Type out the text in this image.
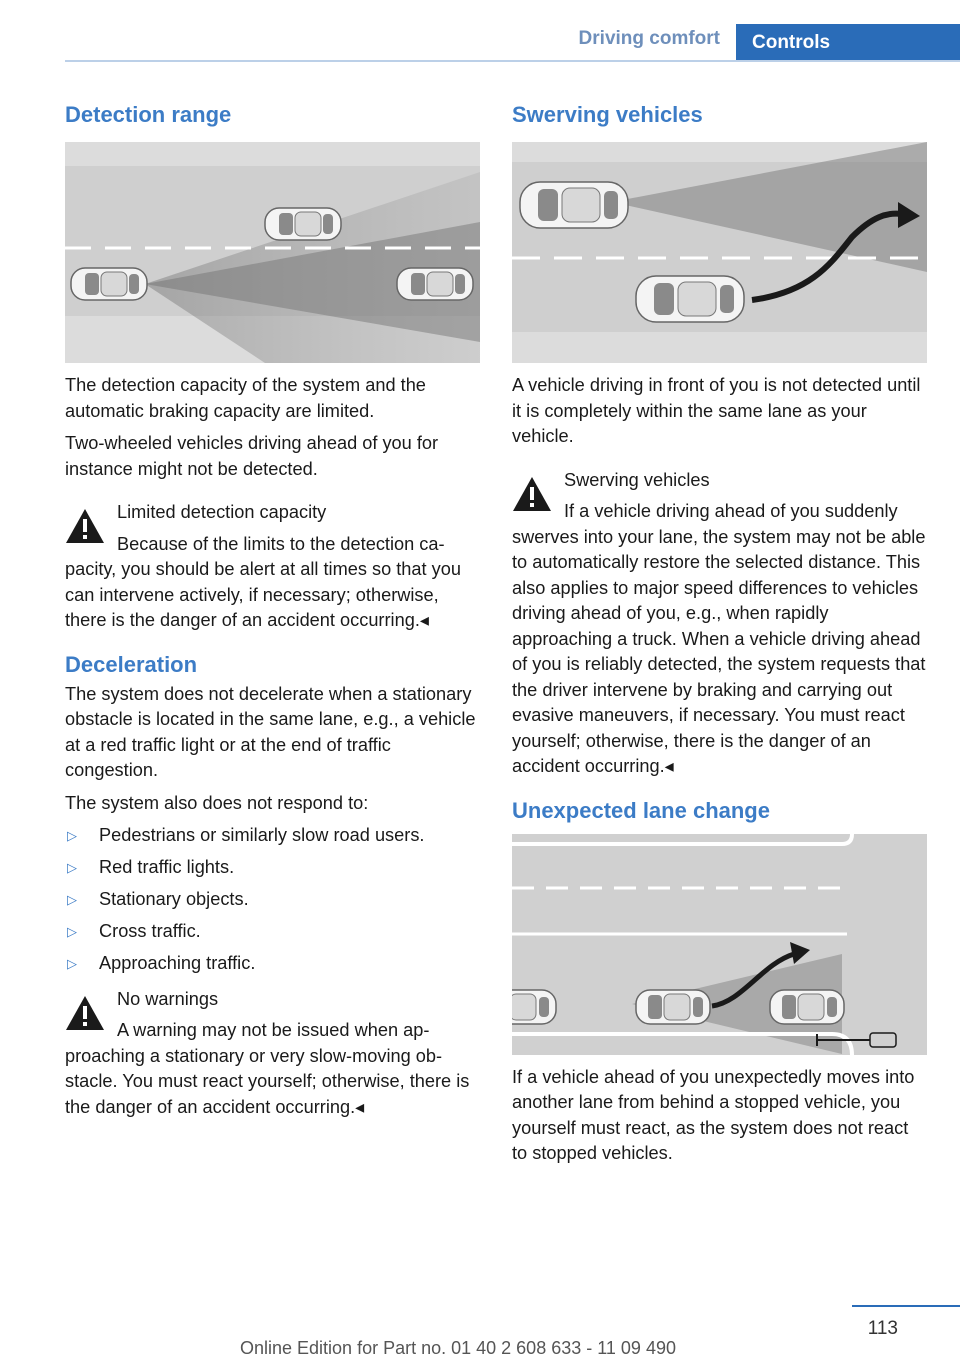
Driving comfort	Controls
Detection range

The detection capacity of the system and the automatic braking capacity are limited.

Two-wheeled vehicles driving ahead of you for instance might not be detected.

Limited detection capacity

Because of the limits to the detection capacity, you should be alert at all times so that you can intervene actively, if necessary; otherwise, there is the danger of an accident occurring.◂

Deceleration

The system does not decelerate when a stationary obstacle is located in the same lane, e.g., a vehicle at a red traffic light or at the end of traffic congestion.

The system also does not respond to:

▷ Pedestrians or similarly slow road users.
▷ Red traffic lights.
▷ Stationary objects.
▷ Cross traffic.
▷ Approaching traffic.

No warnings

A warning may not be issued when approaching a stationary or very slow-moving obstacle. You must react yourself; otherwise, there is the danger of an accident occurring.◂

Swerving vehicles

A vehicle driving in front of you is not detected until it is completely within the same lane as your vehicle.

Swerving vehicles

If a vehicle driving ahead of you suddenly swerves into your lane, the system may not be able to automatically restore the selected distance. This also applies to major speed differences to vehicles driving ahead of you, e.g., when rapidly approaching a truck. When a vehicle driving ahead of you is reliably detected, the system requests that the driver intervene by braking and carrying out evasive maneuvers, if necessary. You must react yourself; otherwise, there is the danger of an accident occurring.◂

Unexpected lane change

If a vehicle ahead of you unexpectedly moves into another lane from behind a stopped vehicle, you yourself must react, as the system does not react to stopped vehicles.

113
Online Edition for Part no. 01 40 2 608 633 - 11 09 490
